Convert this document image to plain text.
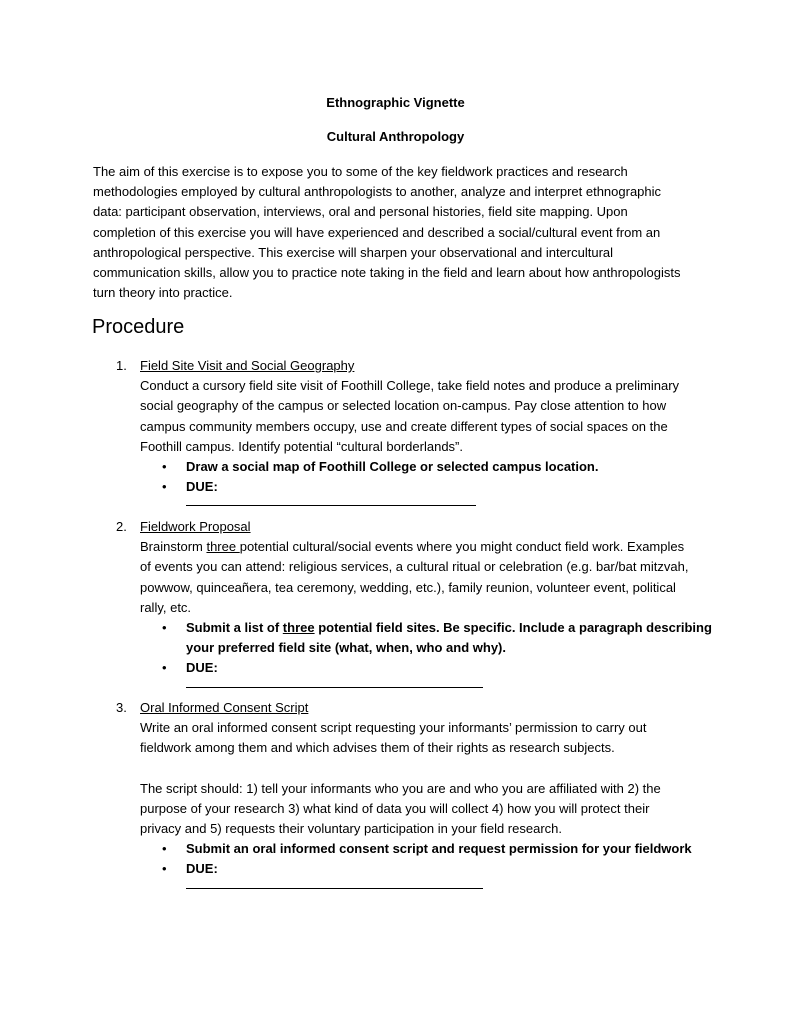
Ethnographic Vignette
Cultural Anthropology

The aim of this exercise is to expose you to some of the key fieldwork practices and research

methodologies employed by cultural anthropologists to another, analyze and interpret ethnographic

data: participant observation, interviews, oral and personal histories, field site mapping. Upon

completion of this exercise you will have experienced and described a social/cultural event from an

anthropological perspective. This exercise will sharpen your observational and intercultural

communication skills, allow you to practice note taking in the field and learn about how anthropologists

turn theory into practice.

Procedure
1. Field Site Visit and Social Geography

Conduct a cursory field site visit of Foothill College, take field notes and produce a preliminary

social geography of the campus or selected location on-campus. Pay close attention to how

campus community members occupy, use and create different types of social spaces on the

Foothill campus. Identify potential “cultural borderlands”.

• Draw a social map of Foothill College or selected campus location.
• DUE:
2. Fieldwork Proposal

Brainstorm three potential cultural/social events where you might conduct field work. Examples

of events you can attend: religious services, a cultural ritual or celebration (e.g. bar/bat mitzvah,

powwow, quinceañera, tea ceremony, wedding, etc.), family reunion, volunteer event, political

rally, etc.

• Submit a list of three potential field sites. Be specific. Include a paragraph describing
your preferred field site (what, when, who and why).
• DUE:
3. Oral Informed Consent Script

Write an oral informed consent script requesting your informants’ permission to carry out

fieldwork among them and which advises them of their rights as research subjects.

The script should: 1) tell your informants who you are and who you are affiliated with 2) the

purpose of your research 3) what kind of data you will collect 4) how you will protect their

privacy and 5) requests their voluntary participation in your field research.

• Submit an oral informed consent script and request permission for your fieldwork
• DUE:
